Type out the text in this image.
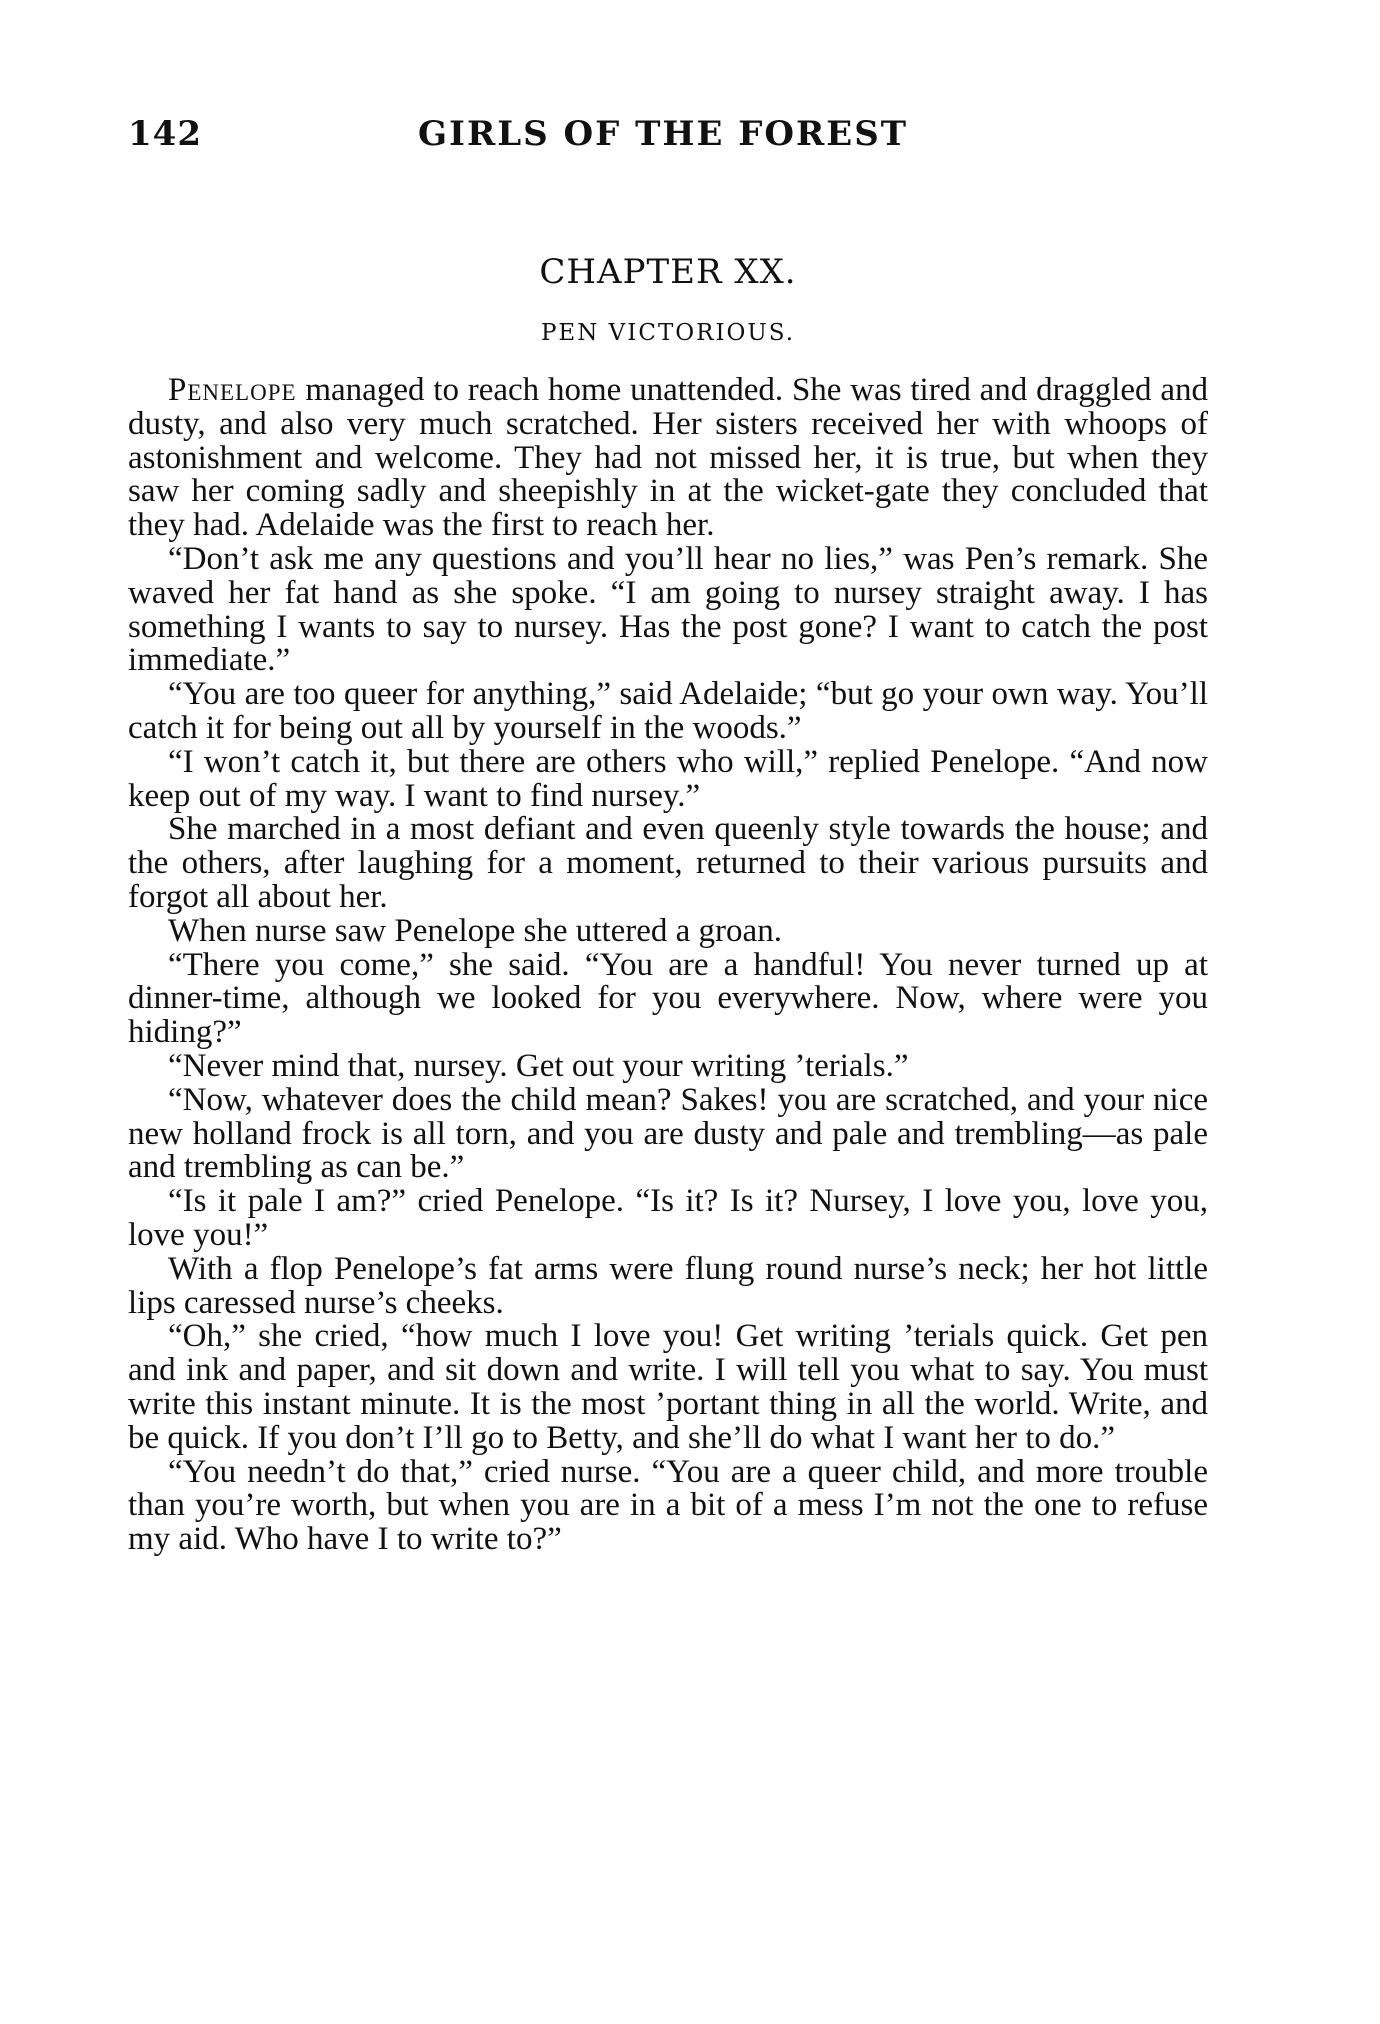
142	GIRLS OF THE FOREST
CHAPTER XX.
PEN VICTORIOUS.

Penelope managed to reach home unattended. She was tired and draggled and dusty, and also very much scratched. Her sisters received her with whoops of astonishment and welcome. They had not missed her, it is true, but when they saw her coming sadly and sheepishly in at the wicket-gate they concluded that they had. Adelaide was the first to reach her.

“Don’t ask me any questions and you’ll hear no lies,” was Pen’s remark. She waved her fat hand as she spoke. “I am going to nursey straight away. I has something I wants to say to nursey. Has the post gone? I want to catch the post immediate.”

“You are too queer for anything,” said Adelaide; “but go your own way. You’ll catch it for being out all by yourself in the woods.”

“I won’t catch it, but there are others who will,” replied Penelope. “And now keep out of my way. I want to find nursey.”

She marched in a most defiant and even queenly style towards the house; and the others, after laughing for a moment, returned to their various pursuits and forgot all about her.

When nurse saw Penelope she uttered a groan.

“There you come,” she said. “You are a handful! You never turned up at dinner-time, although we looked for you everywhere. Now, where were you hiding?”

“Never mind that, nursey. Get out your writing ’terials.”

“Now, whatever does the child mean? Sakes! you are scratched, and your nice new holland frock is all torn, and you are dusty and pale and trembling—as pale and trembling as can be.”

“Is it pale I am?” cried Penelope. “Is it? Is it? Nursey, I love you, love you, love you!”

With a flop Penelope’s fat arms were flung round nurse’s neck; her hot little lips caressed nurse’s cheeks.

“Oh,” she cried, “how much I love you! Get writing ’terials quick. Get pen and ink and paper, and sit down and write. I will tell you what to say. You must write this instant minute. It is the most ’portant thing in all the world. Write, and be quick. If you don’t I’ll go to Betty, and she’ll do what I want her to do.”

“You needn’t do that,” cried nurse. “You are a queer child, and more trouble than you’re worth, but when you are in a bit of a mess I’m not the one to refuse my aid. Who have I to write to?”
